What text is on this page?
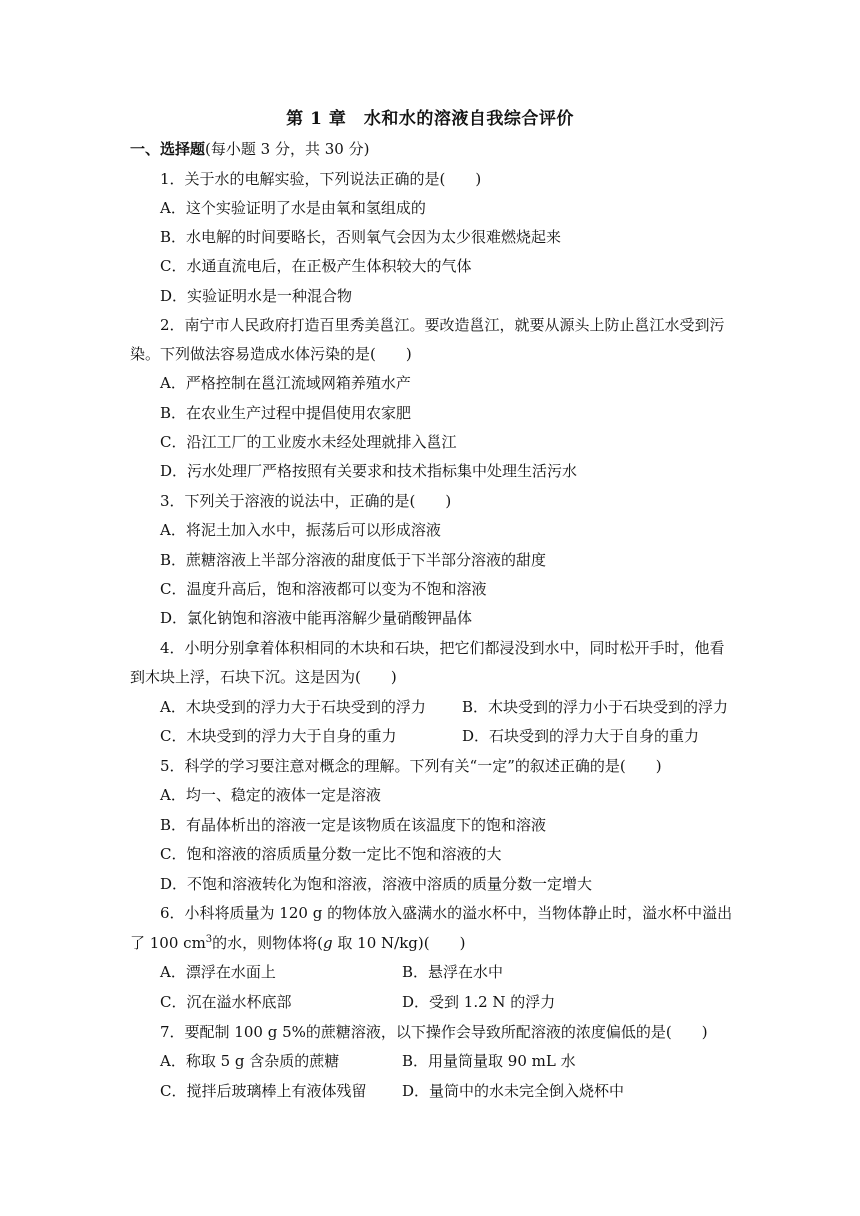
第 1 章　水和水的溶液自我综合评价
一、选择题(每小题 3 分，共 30 分)
1．关于水的电解实验，下列说法正确的是(　　)
A．这个实验证明了水是由氧和氢组成的
B．水电解的时间要略长，否则氧气会因为太少很难燃烧起来
C．水通直流电后，在正极产生体积较大的气体
D．实验证明水是一种混合物
2．南宁市人民政府打造百里秀美邕江。要改造邕江，就要从源头上防止邕江水受到污
染。下列做法容易造成水体污染的是(　　)
A．严格控制在邕江流域网箱养殖水产
B．在农业生产过程中提倡使用农家肥
C．沿江工厂的工业废水未经处理就排入邕江
D．污水处理厂严格按照有关要求和技术指标集中处理生活污水
3．下列关于溶液的说法中，正确的是(　　)
A．将泥土加入水中，振荡后可以形成溶液
B．蔗糖溶液上半部分溶液的甜度低于下半部分溶液的甜度
C．温度升高后，饱和溶液都可以变为不饱和溶液
D．氯化钠饱和溶液中能再溶解少量硝酸钾晶体
4．小明分别拿着体积相同的木块和石块，把它们都浸没到水中，同时松开手时，他看
到木块上浮，石块下沉。这是因为(　　)
A．木块受到的浮力大于石块受到的浮力 B．木块受到的浮力小于石块受到的浮力
C．木块受到的浮力大于自身的重力	D．石块受到的浮力大于自身的重力
5．科学的学习要注意对概念的理解。下列有关“一定”的叙述正确的是(　　)
A．均一、稳定的液体一定是溶液
B．有晶体析出的溶液一定是该物质在该温度下的饱和溶液
C．饱和溶液的溶质质量分数一定比不饱和溶液的大
D．不饱和溶液转化为饱和溶液，溶液中溶质的质量分数一定增大
6．小科将质量为 120 g 的物体放入盛满水的溢水杯中，当物体静止时，溢水杯中溢出
了 100 $cm^3$的水，则物体将(g 取 10 N/kg)(　　)
A．漂浮在水面上	B．悬浮在水中
C．沉在溢水杯底部	D．受到 1.2 N 的浮力
7．要配制 100 g 5%的蔗糖溶液，以下操作会导致所配溶液的浓度偏低的是(　　)
A．称取 5 g 含杂质的蔗糖	B．用量筒量取 90 mL 水
C．搅拌后玻璃棒上有液体残留 D．量筒中的水未完全倒入烧杯中
